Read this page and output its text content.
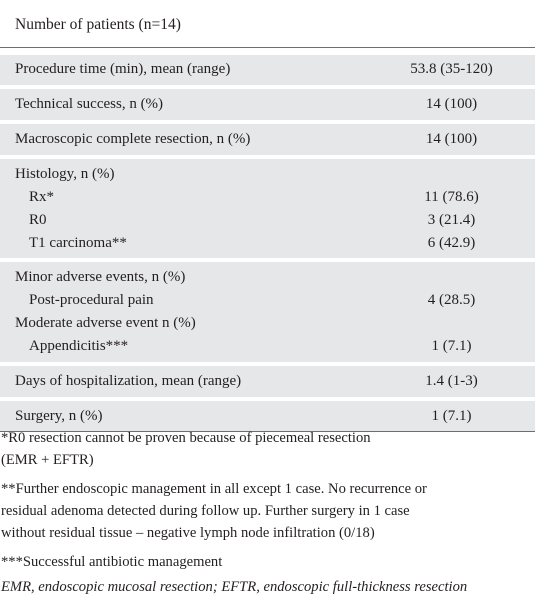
Number of patients (n=14)
Procedure time (min), mean (range)	53.8 (35-120)
Technical success, n (%)	14 (100)
Macroscopic complete resection, n (%)	14 (100)
Histology, n (%)
Rx*	11 (78.6)
R0	3 (21.4)
T1 carcinoma**	6 (42.9)
Minor adverse events, n (%)
Post-procedural pain	4 (28.5)
Moderate adverse event n (%)
Appendicitis***	1 (7.1)
Days of hospitalization, mean (range)	1.4 (1-3)
Surgery, n (%)	1 (7.1)
*R0 resection cannot be proven because of piecemeal resection
(EMR + EFTR)
**Further endoscopic management in all except 1 case. No recurrence or
residual adenoma detected during follow up. Further surgery in 1 case
without residual tissue – negative lymph node infiltration (0/18)
***Successful antibiotic management
EMR, endoscopic mucosal resection; EFTR, endoscopic full-thickness resection
